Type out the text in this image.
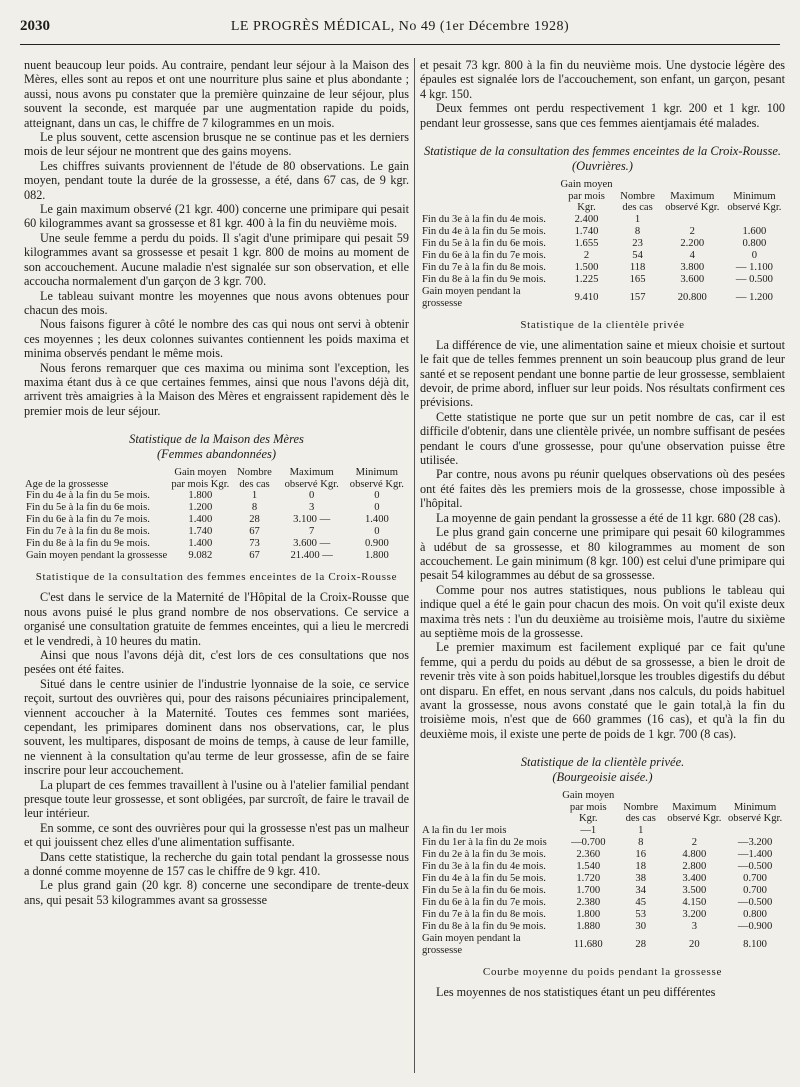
2030	LE PROGRÈS MÉDICAL, No 49 (1er Décembre 1928)

nuent beaucoup leur poids. Au contraire, pendant leur séjour à la Maison des Mères, elles sont au repos et ont une nourriture plus saine et plus abondante ; aussi, nous avons pu constater que la première quinzaine de leur séjour, plus souvent la seconde, est marquée par une augmentation rapide du poids, atteignant, dans un cas, le chiffre de 7 kilogrammes en un mois.

Le plus souvent, cette ascension brusque ne se continue pas et les derniers mois de leur séjour ne montrent que des gains moyens.

Les chiffres suivants proviennent de l'étude de 80 observations. Le gain moyen, pendant toute la durée de la grossesse, a été, dans 67 cas, de 9 kgr. 082.

Le gain maximum observé (21 kgr. 400) concerne une primipare qui pesait 60 kilogrammes avant sa grossesse et 81 kgr. 400 à la fin du neuvième mois.

Une seule femme a perdu du poids. Il s'agit d'une primipare qui pesait 59 kilogrammes avant sa grossesse et pesait 1 kgr. 800 de moins au moment de son accouchement. Aucune maladie n'est signalée sur son observation, et elle accoucha normalement d'un garçon de 3 kgr. 700.

Le tableau suivant montre les moyennes que nous avons obtenues pour chacun des mois.

Nous faisons figurer à côté le nombre des cas qui nous ont servi à obtenir ces moyennes ; les deux colonnes suivantes contiennent les poids maxima et minima observés pendant le même mois.

Nous ferons remarquer que ces maxima ou minima sont l'exception, les maxima étant dus à ce que certaines femmes, ainsi que nous l'avons déjà dit, arrivent très amaigries à la Maison des Mères et engraissent rapidement dès le premier mois de leur séjour.

Statistique de la Maison des Mères
(Femmes abandonnées)
Age de la grossesse	Gain moyen par mois Kgr.	Nombre des cas	Maximum observé Kgr.	Minimum observé Kgr.
Fin du 4e à la fin du 5e mois.	1.800	1	0	0
Fin du 5e à la fin du 6e mois.	1.200	8	3	0
Fin du 6e à la fin du 7e mois.	1.400	28	3.100 —	1.400
Fin du 7e à la fin du 8e mois.	1.740	67	7	0
Fin du 8e à la fin du 9e mois.	1.400	73	3.600 —	0.900
Gain moyen pendant la grossesse	9.082	67	21.400 —	1.800
Statistique de la consultation des femmes enceintes de la Croix-Rousse

C'est dans le service de la Maternité de l'Hôpital de la Croix-Rousse que nous avons puisé le plus grand nombre de nos observations. Ce service a organisé une consultation gratuite de femmes enceintes, qui a lieu le mercredi et le vendredi, à 10 heures du matin.

Ainsi que nous l'avons déjà dit, c'est lors de ces consultations que nos pesées ont été faites.

Situé dans le centre usinier de l'industrie lyonnaise de la soie, ce service reçoit, surtout des ouvrières qui, pour des raisons pécuniaires principalement, viennent accoucher à la Maternité. Toutes ces femmes sont mariées, cependant, les primipares dominent dans nos observations, car, le plus souvent, les multipares, disposant de moins de temps, à cause de leur famille, ne viennent à la consultation qu'au terme de leur grossesse, afin de se faire inscrire pour leur accouchement.

La plupart de ces femmes travaillent à l'usine ou à l'atelier familial pendant presque toute leur grossesse, et sont obligées, par surcroît, de faire le travail de leur intérieur.

En somme, ce sont des ouvrières pour qui la grossesse n'est pas un malheur et qui jouissent chez elles d'une alimentation suffisante.

Dans cette statistique, la recherche du gain total pendant la grossesse nous a donné comme moyenne de 157 cas le chiffre de 9 kgr. 410.

Le plus grand gain (20 kgr. 8) concerne une secondipare de trente-deux ans, qui pesait 53 kilogrammes avant sa grossesse

et pesait 73 kgr. 800 à la fin du neuvième mois. Une dystocie légère des épaules est signalée lors de l'accouchement, son enfant, un garçon, pesant 4 kgr. 150.

Deux femmes ont perdu respectivement 1 kgr. 200 et 1 kgr. 100 pendant leur grossesse, sans que ces femmes aientjamais été malades.

Statistique de la consultation des femmes enceintes de la Croix-Rousse.
(Ouvrières.)
	Gain moyen par mois Kgr.	Nombre des cas	Maximum observé Kgr.	Minimum observé Kgr.
Fin du 3e à la fin du 4e mois.	2.400	1		
Fin du 4e à la fin du 5e mois.	1.740	8	2	1.600
Fin du 5e à la fin du 6e mois.	1.655	23	2.200	0.800
Fin du 6e à la fin du 7e mois.	2	54	4	0
Fin du 7e à la fin du 8e mois.	1.500	118	3.800	— 1.100
Fin du 8e à la fin du 9e mois.	1.225	165	3.600	— 0.500
Gain moyen pendant la grossesse	9.410	157	20.800	— 1.200
Statistique de la clientèle privée

La différence de vie, une alimentation saine et mieux choisie et surtout le fait que de telles femmes prennent un soin beaucoup plus grand de leur santé et se reposent pendant une bonne partie de leur grossesse, semblaient devoir, de prime abord, influer sur leur poids. Nos résultats confirment ces prévisions.

Cette statistique ne porte que sur un petit nombre de cas, car il est difficile d'obtenir, dans une clientèle privée, un nombre suffisant de pesées pendant le cours d'une grossesse, pour qu'une observation puisse être utilisée.

Par contre, nous avons pu réunir quelques observations où des pesées ont été faites dès les premiers mois de la grossesse, chose impossible à l'hôpital.

La moyenne de gain pendant la grossesse a été de 11 kgr. 680 (28 cas).

Le plus grand gain concerne une primipare qui pesait 60 kilogrammes à udébut de sa grossesse, et 80 kilogrammes au moment de son accouchement. Le gain minimum (8 kgr. 100) est celui d'une primipare qui pesait 54 kilogrammes au début de sa grossesse.

Comme pour nos autres statistiques, nous publions le tableau qui indique quel a été le gain pour chacun des mois. On voit qu'il existe deux maxima très nets : l'un du deuxième au troisième mois, l'autre du sixième au septième mois de la grossesse.

Le premier maximum est facilement expliqué par ce fait qu'une femme, qui a perdu du poids au début de sa grossesse, a bien le droit de revenir très vite à son poids habituel,lorsque les troubles digestifs du début ont disparu. En effet, en nous servant ,dans nos calculs, du poids habituel avant la grossesse, nous avons constaté que le gain total,à la fin du troisième mois, n'est que de 660 grammes (16 cas), et qu'à la fin du deuxième mois, il existe une perte de poids de 1 kgr. 700 (8 cas).

Statistique de la clientèle privée.
(Bourgeoisie aisée.)
	Gain moyen par mois Kgr.	Nombre des cas	Maximum observé Kgr.	Minimum observé Kgr.
A la fin du 1er mois	—1	1		
Fin du 1er à la fin du 2e mois	—0.700	8	2	—3.200
Fin du 2e à la fin du 3e mois.	2.360	16	4.800	—1.400
Fin du 3e à la fin du 4e mois.	1.540	18	2.800	—0.500
Fin du 4e à la fin du 5e mois.	1.720	38	3.400	0.700
Fin du 5e à la fin du 6e mois.	1.700	34	3.500	0.700
Fin du 6e à la fin du 7e mois.	2.380	45	4.150	—0.500
Fin du 7e à la fin du 8e mois.	1.800	53	3.200	0.800
Fin du 8e à la fin du 9e mois.	1.880	30	3	—0.900
Gain moyen pendant la grossesse	11.680	28	20	8.100
Courbe moyenne du poids pendant la grossesse

Les moyennes de nos statistiques étant un peu différentes
